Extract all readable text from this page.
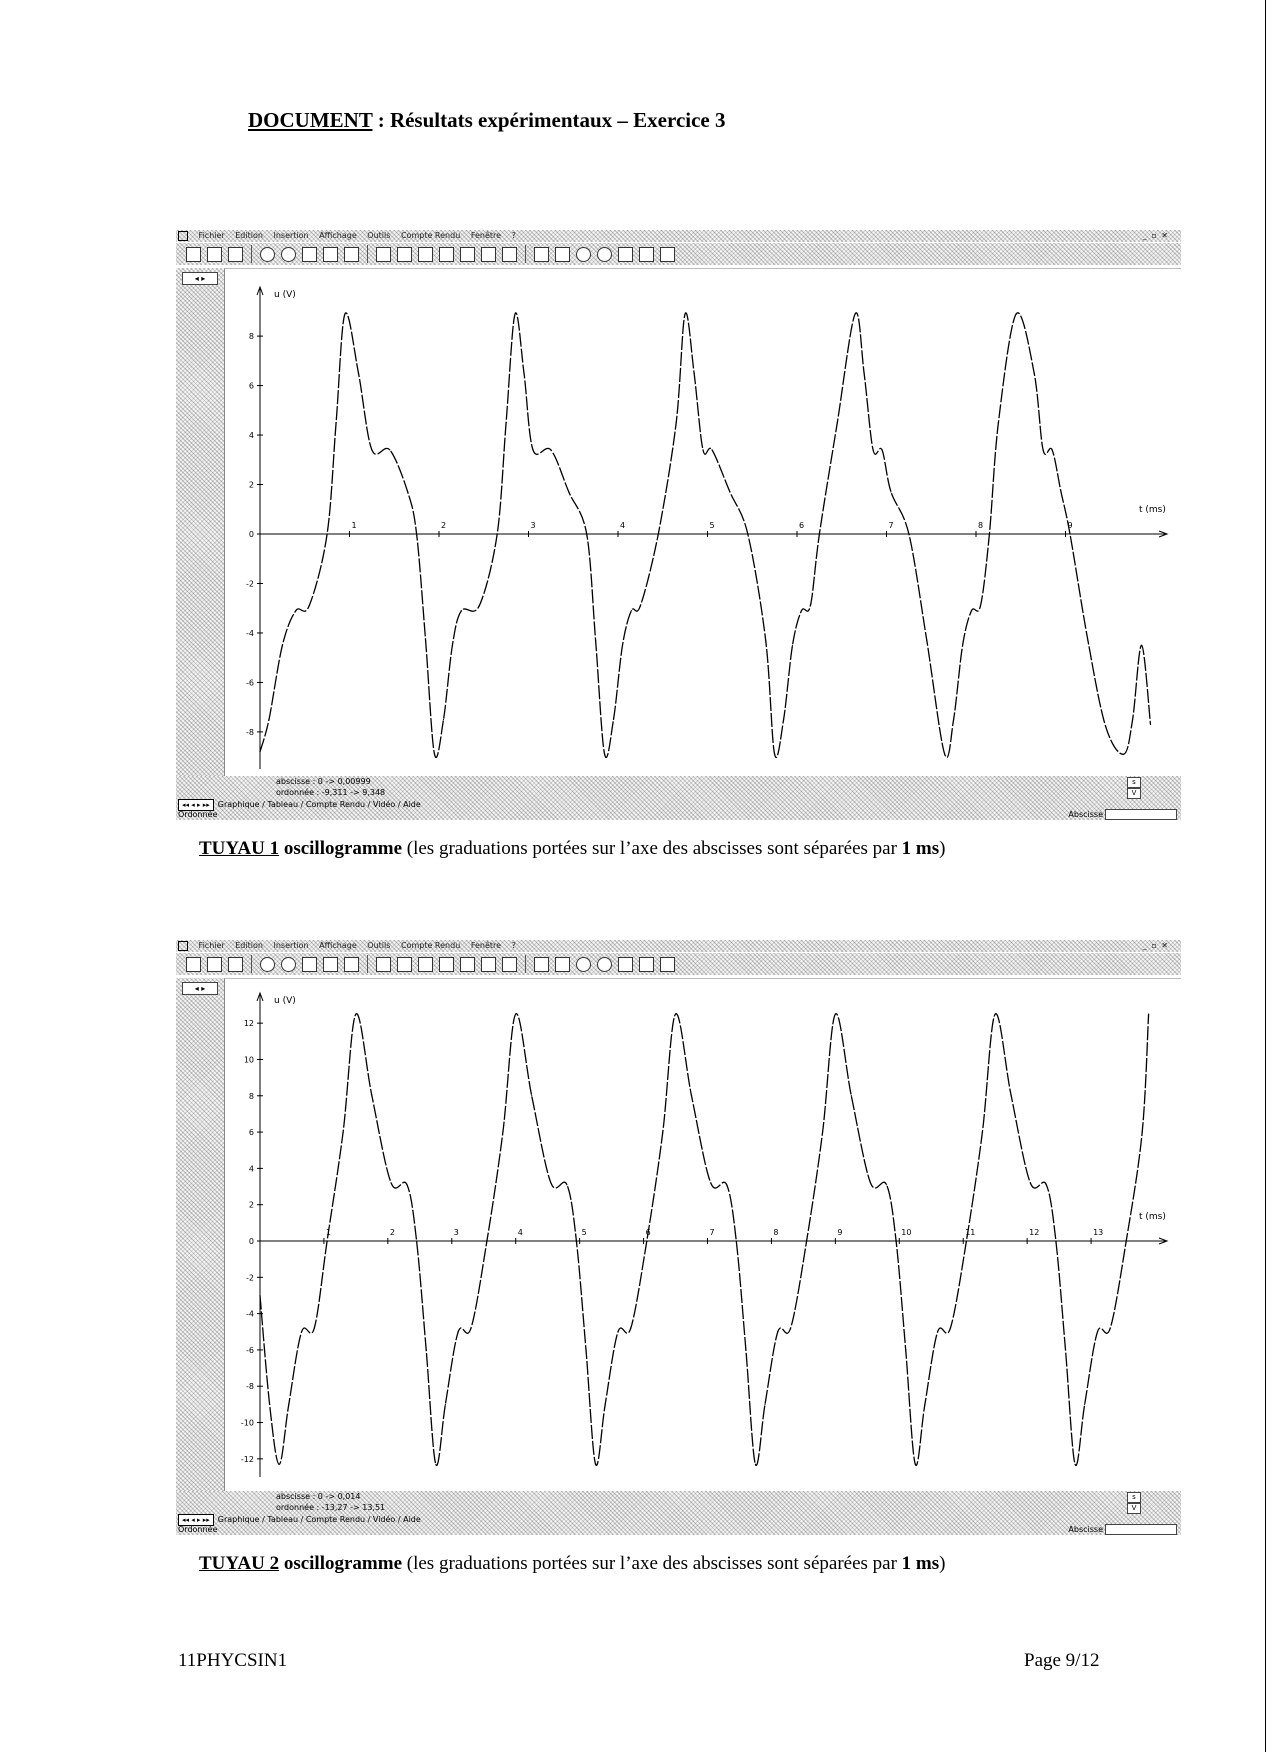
DOCUMENT : Résultats expérimentaux – Exercice 3
Fichier Edition Insertion Affichage Outils Compte Rendu Fenêtre ?	_ ▫ ✕
◂ ▸
u (V)
t (ms)
1	2	3	4	5	6	7	8	9
8
6
4
2
0
-2
-4
-6
-8
abscisse : 0 -> 0,00999
ordonnée : -9,311 -> 9,348
s
V
◂◂ ◂ ▸ ▸▸ Graphique / Tableau / Compte Rendu / Vidéo / Aide
Ordonnée	Abscisse
TUYAU 1 oscillogramme (les graduations portées sur l’axe des abscisses sont séparées par 1 ms)
Fichier Edition Insertion Affichage Outils Compte Rendu Fenêtre ?	_ ▫ ✕
◂ ▸
u (V)
t (ms)
1	2	3	4	5	6	7	8	9	10	11	12	13
12
10
8
6
4
2
0
-2
-4
-6
-8
-10
-12
abscisse : 0 -> 0,014
ordonnée : -13,27 -> 13,51
s
V
◂◂ ◂ ▸ ▸▸ Graphique / Tableau / Compte Rendu / Vidéo / Aide
Ordonnée	Abscisse
TUYAU 2 oscillogramme (les graduations portées sur l’axe des abscisses sont séparées par 1 ms)
11PHYCSIN1	Page 9/12
